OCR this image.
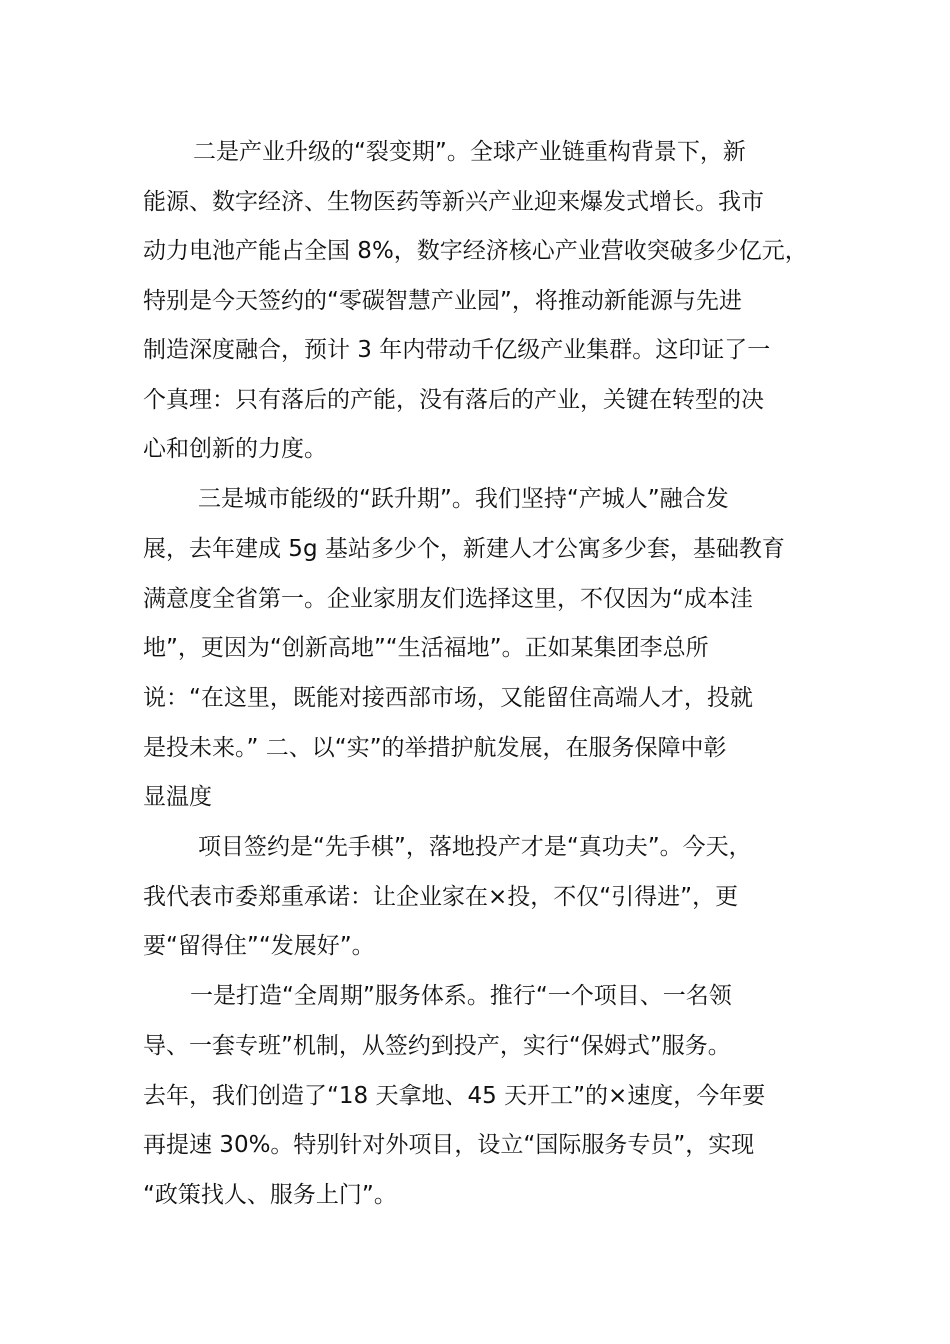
二是产业升级的“裂变期”。全球产业链重构背景下，新
能源、数字经济、生物医药等新兴产业迎来爆发式增长。我市
动力电池产能占全国 8%，数字经济核心产业营收突破多少亿元，
特别是今天签约的“零碳智慧产业园”，将推动新能源与先进
制造深度融合，预计 3 年内带动千亿级产业集群。这印证了一
个真理：只有落后的产能，没有落后的产业，关键在转型的决
心和创新的力度。
三是城市能级的“跃升期”。我们坚持“产城人”融合发
展，去年建成 5g 基站多少个，新建人才公寓多少套，基础教育
满意度全省第一。企业家朋友们选择这里，不仅因为“成本洼
地”，更因为“创新高地”“生活福地”。正如某集团李总所
说：“在这里，既能对接西部市场，又能留住高端人才，投就
是投未来。” 二、以“实”的举措护航发展，在服务保障中彰
显温度
项目签约是“先手棋”，落地投产才是“真功夫”。今天，
我代表市委郑重承诺：让企业家在×投，不仅“引得进”，更
要“留得住”“发展好”。
一是打造“全周期”服务体系。推行“一个项目、一名领
导、一套专班”机制，从签约到投产，实行“保姆式”服务。
去年，我们创造了“18 天拿地、45 天开工”的×速度，今年要
再提速 30%。特别针对外项目，设立“国际服务专员”，实现
“政策找人、服务上门”。
